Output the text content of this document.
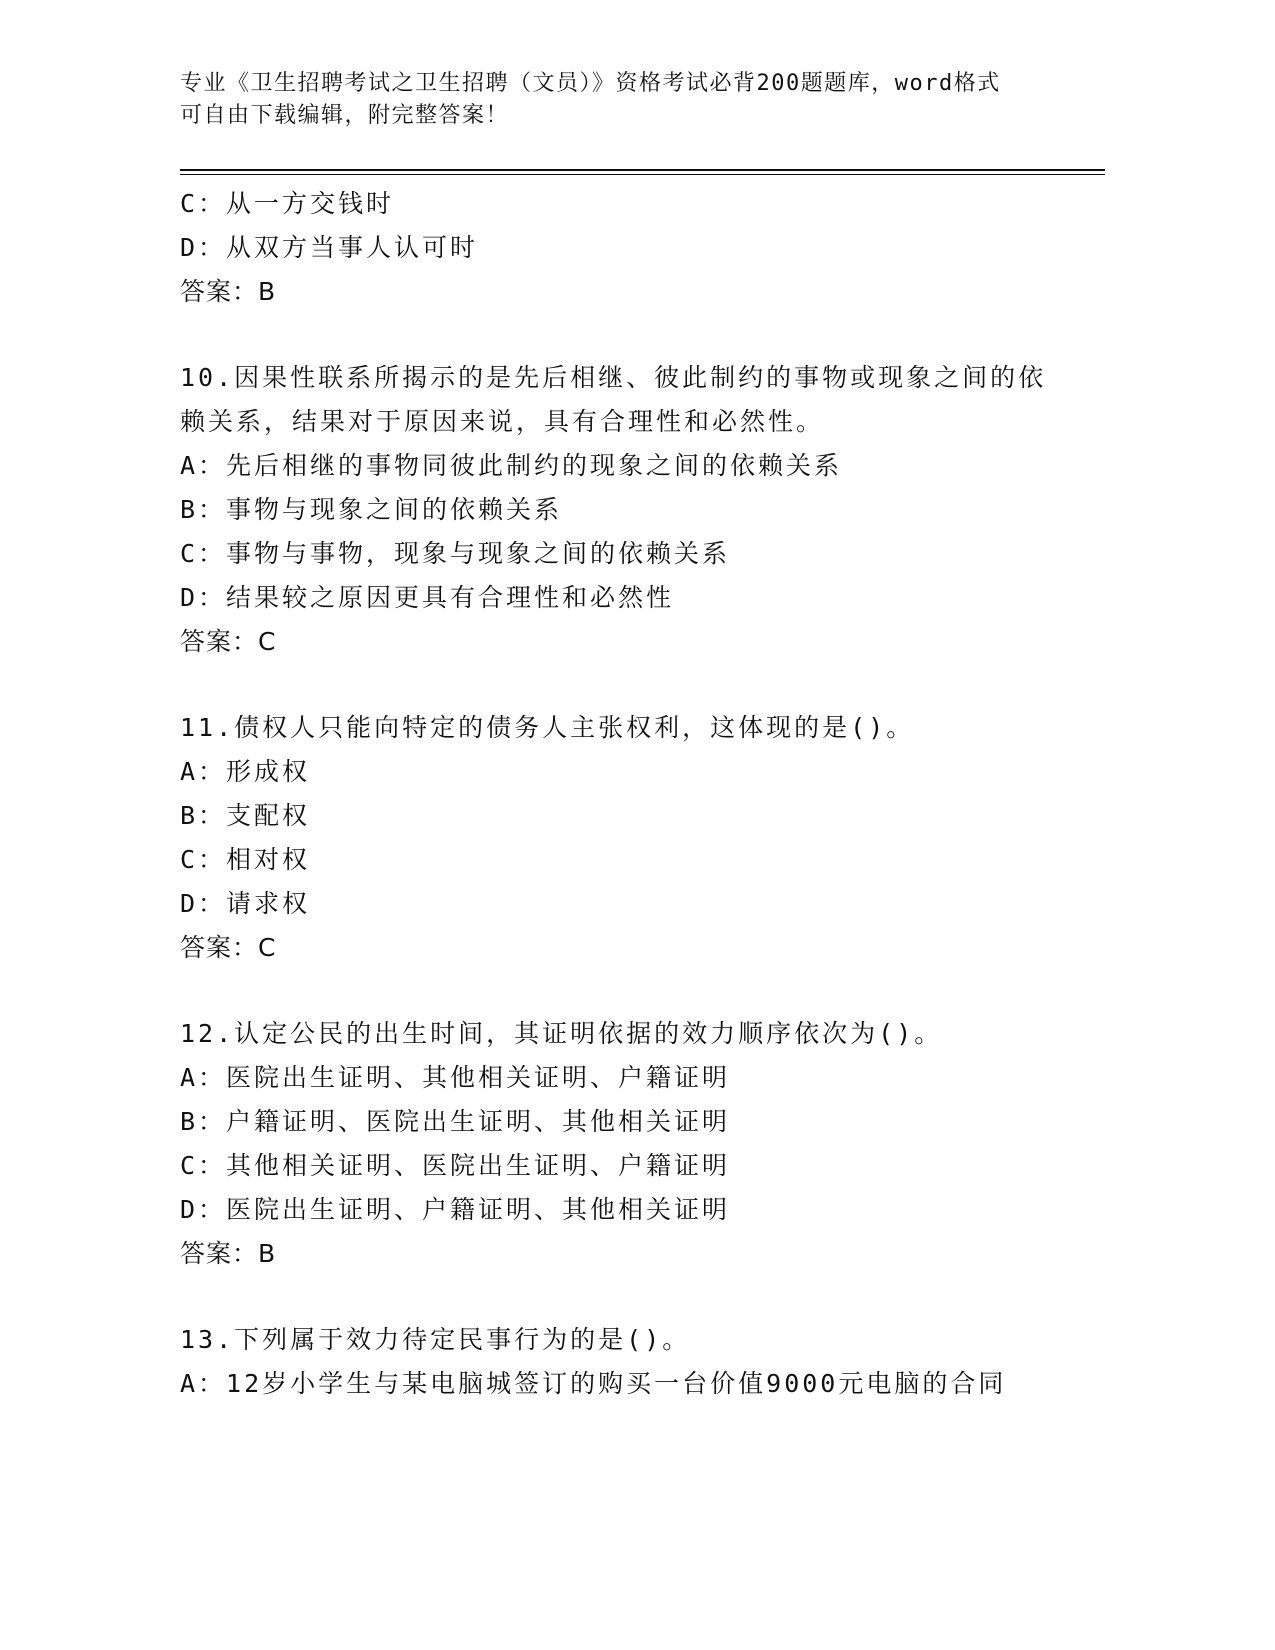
专业《卫生招聘考试之卫生招聘（文员）》资格考试必背200题题库，word格式
可自由下载编辑，附完整答案！
C：从一方交钱时
D：从双方当事人认可时
答案：B
10.因果性联系所揭示的是先后相继、彼此制约的事物或现象之间的依
赖关系，结果对于原因来说，具有合理性和必然性。
A：先后相继的事物同彼此制约的现象之间的依赖关系
B：事物与现象之间的依赖关系
C：事物与事物，现象与现象之间的依赖关系
D：结果较之原因更具有合理性和必然性
答案：C
11.债权人只能向特定的债务人主张权利，这体现的是()。
A：形成权
B：支配权
C：相对权
D：请求权
答案：C
12.认定公民的出生时间，其证明依据的效力顺序依次为()。
A：医院出生证明、其他相关证明、户籍证明
B：户籍证明、医院出生证明、其他相关证明
C：其他相关证明、医院出生证明、户籍证明
D：医院出生证明、户籍证明、其他相关证明
答案：B
13.下列属于效力待定民事行为的是()。
A：12岁小学生与某电脑城签订的购买一台价值9000元电脑的合同
